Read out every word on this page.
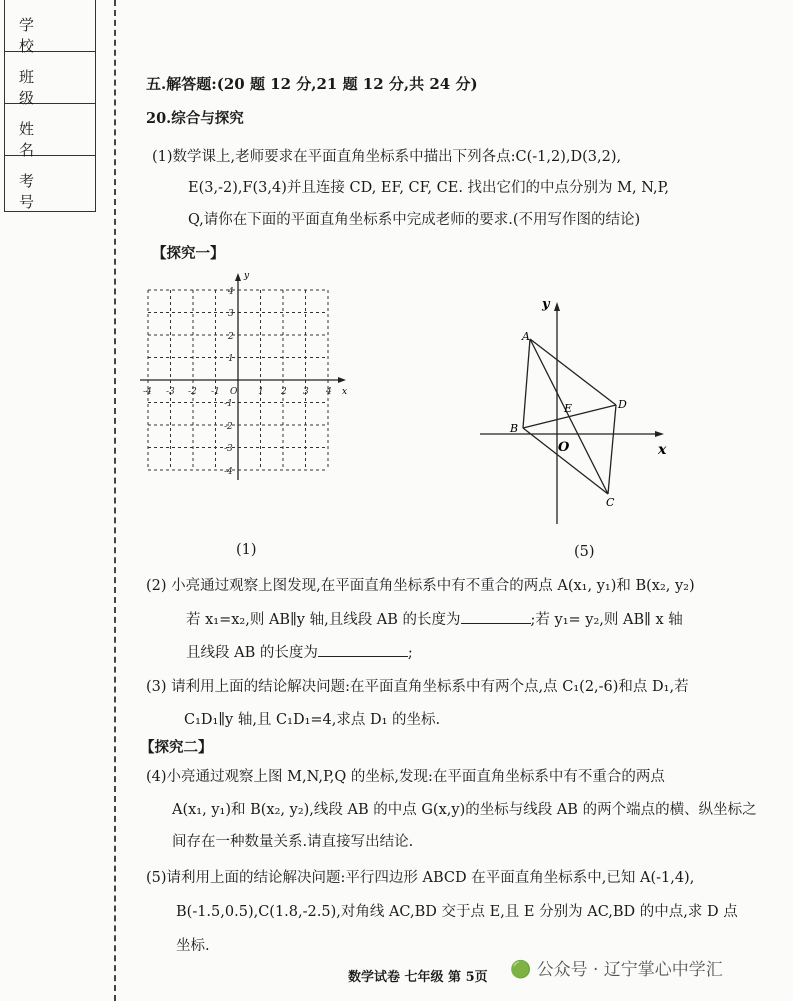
学 校
班 级
姓 名
考 号
五.解答题:(20 题 12 分,21 题 12 分,共 24 分)
20.综合与探究
(1)数学课上,老师要求在平面直角坐标系中描出下列各点:C(-1,2),D(3,2),
E(3,-2),F(3,4)并且连接 CD, EF, CF, CE. 找出它们的中点分别为 M, N,P,
Q,请你在下面的平面直角坐标系中完成老师的要求.(不用写作图的结论)
【探究一】
x
y
-4 -3 -2 -1 O 1 2 3 4
4
3
2
1
-1
-2
-3
-4
(1)
y
x
A
B
C
D
E
O
(5)
(2) 小亮通过观察上图发现,在平面直角坐标系中有不重合的两点 A(x₁, y₁)和 B(x₂, y₂)
若 x₁=x₂,则 AB∥y 轴,且线段 AB 的长度为	;若 y₁= y₂,则 AB∥ x 轴
且线段 AB 的长度为	;
(3) 请利用上面的结论解决问题:在平面直角坐标系中有两个点,点 C₁(2,-6)和点 D₁,若
C₁D₁∥y 轴,且 C₁D₁=4,求点 D₁ 的坐标.
【探究二】
(4)小亮通过观察上图 M,N,P,Q 的坐标,发现:在平面直角坐标系中有不重合的两点
A(x₁, y₁)和 B(x₂, y₂),线段 AB 的中点 G(x,y)的坐标与线段 AB 的两个端点的横、纵坐标之
间存在一种数量关系.请直接写出结论.
(5)请利用上面的结论解决问题:平行四边形 ABCD 在平面直角坐标系中,已知 A(-1,4),
B(-1.5,0.5),C(1.8,-2.5),对角线 AC,BD 交于点 E,且 E 分别为 AC,BD 的中点,求 D 点
坐标.
数学试卷 七年级 第 5页 🟢 公众号 · 辽宁掌心中学汇
